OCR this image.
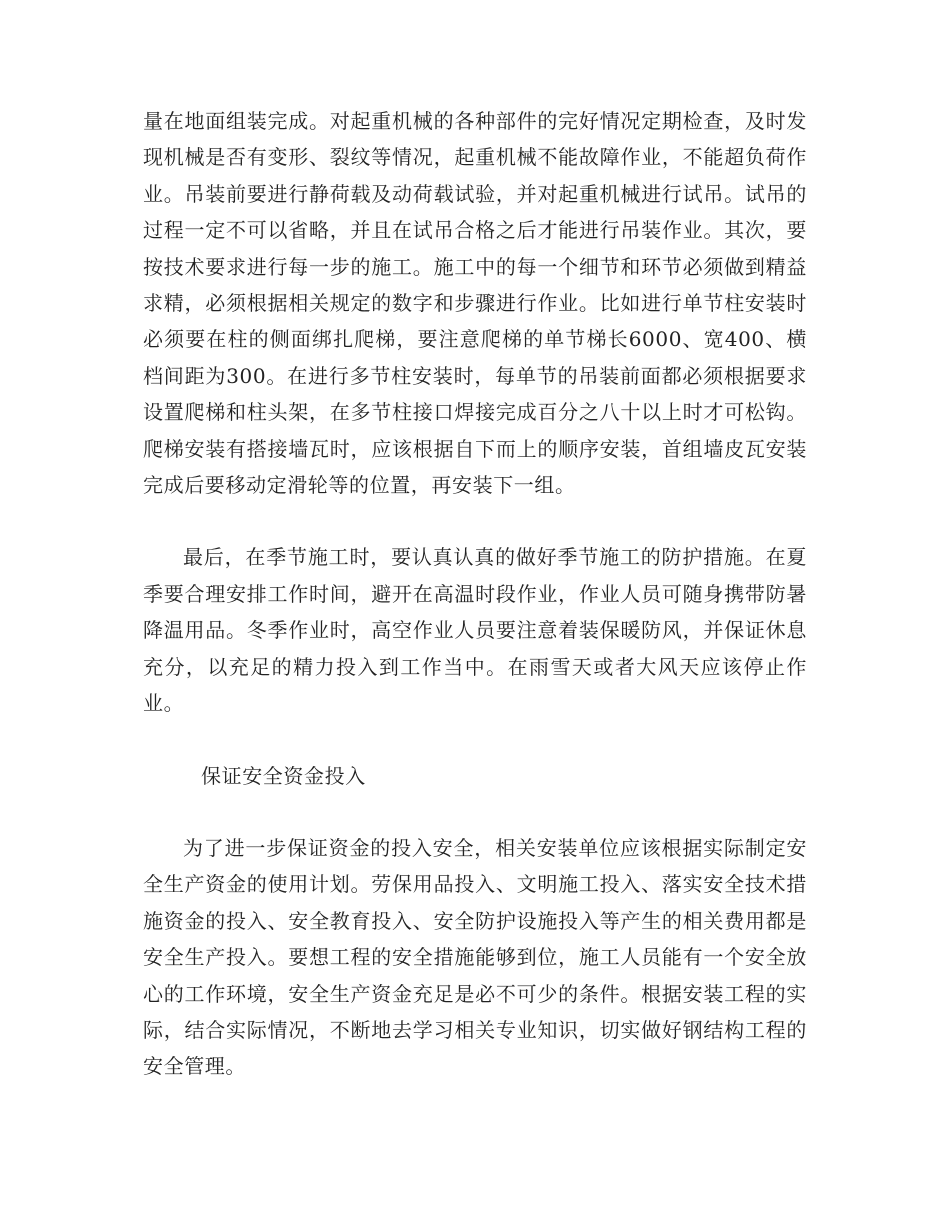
量在地面组装完成。对起重机械的各种部件的完好情况定期检查，及时发现机械是否有变形、裂纹等情况，起重机械不能故障作业，不能超负荷作业。吊装前要进行静荷载及动荷载试验，并对起重机械进行试吊。试吊的过程一定不可以省略，并且在试吊合格之后才能进行吊装作业。其次，要按技术要求进行每一步的施工。施工中的每一个细节和环节必须做到精益求精，必须根据相关规定的数字和步骤进行作业。比如进行单节柱安装时必须要在柱的侧面绑扎爬梯，要注意爬梯的单节梯长6000、宽400、横档间距为300。在进行多节柱安装时，每单节的吊装前面都必须根据要求设置爬梯和柱头架，在多节柱接口焊接完成百分之八十以上时才可松钩。爬梯安装有搭接墙瓦时，应该根据自下而上的顺序安装，首组墙皮瓦安装完成后要移动定滑轮等的位置，再安装下一组。

最后，在季节施工时，要认真认真的做好季节施工的防护措施。在夏季要合理安排工作时间，避开在高温时段作业，作业人员可随身携带防暑降温用品。冬季作业时，高空作业人员要注意着装保暖防风，并保证休息充分，以充足的精力投入到工作当中。在雨雪天或者大风天应该停止作业。

保证安全资金投入

为了进一步保证资金的投入安全，相关安装单位应该根据实际制定安全生产资金的使用计划。劳保用品投入、文明施工投入、落实安全技术措施资金的投入、安全教育投入、安全防护设施投入等产生的相关费用都是安全生产投入。要想工程的安全措施能够到位，施工人员能有一个安全放心的工作环境，安全生产资金充足是必不可少的条件。根据安装工程的实际，结合实际情况，不断地去学习相关专业知识，切实做好钢结构工程的安全管理。
